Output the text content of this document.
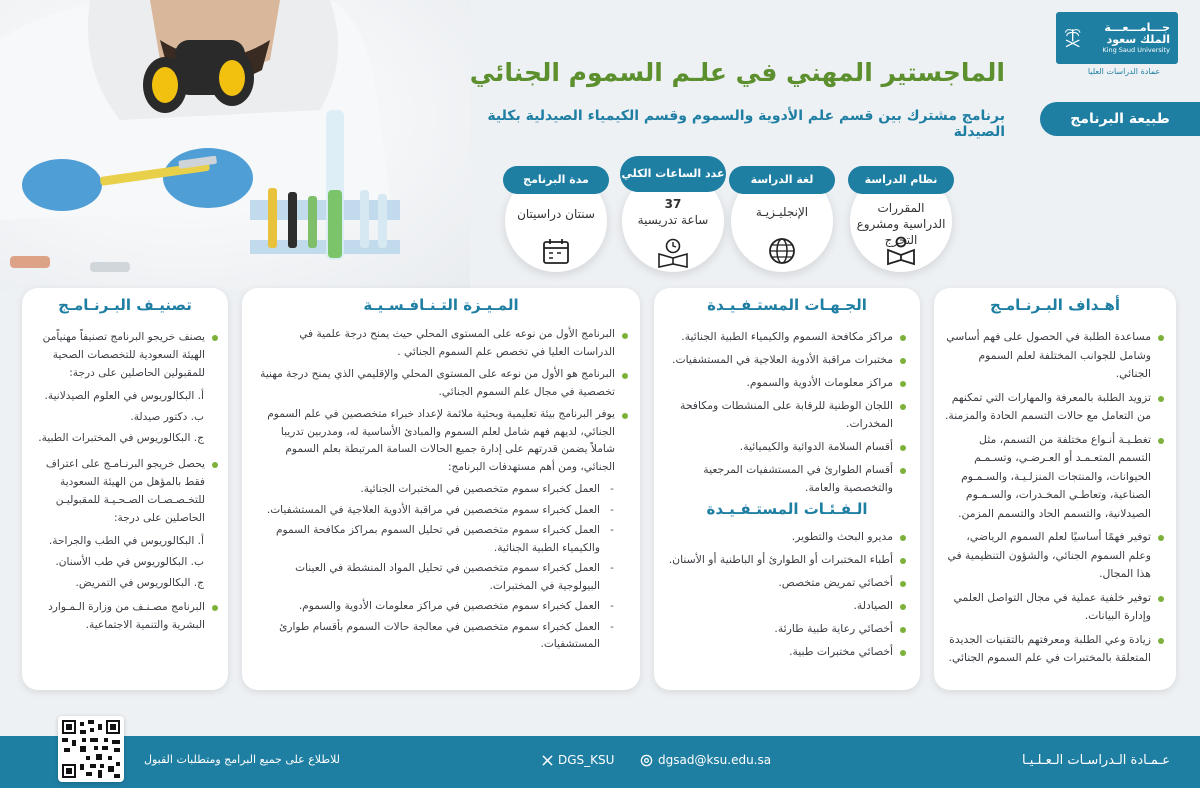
جـــامـــعـــة الملك سعود
King Saud University
عمادة الدراسات العليا
الماجستير المهني في علـم السموم الجنائي
برنامج مشترك بين قسم علم الأدوية والسموم وقسم الكيمياء الصيدلية بكلية الصيدلة
طبيعة البرنامج
نظام الدراسة
المقررات الدراسية ومشروع التخرج
لغة الدراسة
الإنجليـزيـة
عدد الساعات الكلي
37
ساعة تدريسية
مدة البرنامج
سنتان دراسيتان
أهـداف البـرنـامـج
مساعدة الطلبة في الحصول على فهم أساسي وشامل للجوانب المختلفة لعلم السموم الجنائي.
تزويد الطلبة بالمعرفة والمهارات التي تمكنهم من التعامل مع حالات التسمم الحادة والمزمنة.
تغطـيـة أنـواع مختلفة من التسمم، مثل التسمم المتعـمـد أو العـرضـي، وتسـمـم الحيوانات، والمنتجات المنزلـيـة، والسـمـوم الصناعية، وتعاطـي المخـدرات، والسـمـوم الصيدلانية، والتسمم الحاد والتسمم المزمن.
توفير فهمًا أساسيًا لعلم السموم الرياضي، وعلم السموم الجنائي، والشؤون التنظيمية في هذا المجال.
توفير خلفية عملية في مجال التواصل العلمي وإدارة البيانات.
زيادة وعي الطلبة ومعرفتهم بالتقنيات الجديدة المتعلقة بالمختبرات في علم السموم الجنائي.
الجـهـات المستـفـيـدة
مراكز مكافحة السموم والكيمياء الطبية الجنائية.
مختبرات مراقبة الأدوية العلاجية في المستشفيات.
مراكز معلومات الأدوية والسموم.
اللجان الوطنية للرقابة على المنشطات ومكافحة المخدرات.
أقسام السلامة الدوائية والكيميائية.
أقسام الطوارئ في المستشفيات المرجعية والتخصصية والعامة.
الـفـئـات المستـفـيـدة
مديرو البحث والتطوير.
أطباء المختبرات أو الطوارئ أو الباطنية أو الأسنان.
أخصائي تمريض متخصص.
الصيادلة.
أخصائي رعاية طبية طارئة.
أخصائي مختبرات طبية.
المـيـزة التـنـافـسـيـة
البرنامج الأول من نوعه على المستوى المحلي حيث يمنح درجة علمية في الدراسات العليا في تخصص علم السموم الجنائي .
البرنامج هو الأول من نوعه على المستوى المحلي والإقليمي الذي يمنح درجة مهنية تخصصية في مجال علم السموم الجنائي.
يوفر البرنامج بيئة تعليمية وبحثية ملائمة لإعداد خبراء متخصصين في علم السموم الجنائي، لديهم فهم شامل لعلم السموم والمبادئ الأساسية له، ومدربين تدريبا شاملاً يضمن قدرتهم على إدارة جميع الحالات السامة المرتبطة بعلم السموم الجنائي، ومن أهم مستهدفات البرنامج:
- العمل كخبراء سموم متخصصين في المختبرات الجنائية.
- العمل كخبراء سموم متخصصين في مراقبة الأدوية العلاجية في المستشفيات.
- العمل كخبراء سموم متخصصين في تحليل السموم بمراكز مكافحة السموم والكيمياء الطبية الجنائية.
- العمل كخبراء سموم متخصصين في تحليل المواد المنشطة في العينات البيولوجية في المختبرات.
- العمل كخبراء سموم متخصصين في مراكز معلومات الأدوية والسموم.
- العمل كخبراء سموم متخصصين في معالجة حالات السموم بأقسام طوارئ المستشفيات.
تصنيـف البـرنـامـج
يصنف خريجو البرنامج تصنيفاً مهنياًمن الهيئة السعودية للتخصصات الصحية للمقبولين الحاصلين على درجة:
أ. البكالوريوس في العلوم الصيدلانية.
ب. دكتور صيدلة.
ج. البكالوريوس في المختبرات الطبية.
يحصل خريجو البرنـامـج على اعتراف فقط بالمؤهل من الهيئة السعودية للتخـصـصـات الصـحـيـة للمقبوليـن الحاصلين على درجة:
أ. البكالوريوس في الطب والجراحة.
ب. البكالوريوس في طب الأسنان.
ج. البكالوريوس في التمريض.
البرنامج مصـنـف من وزارة الـمـوارد البشرية والتنمية الاجتماعية.
عـمـادة الـدراسـات الـعـلـيـا
dgsad@ksu.edu.sa
DGS_KSU
للاطلاع على جميع البرامج ومتطلبات القبول
